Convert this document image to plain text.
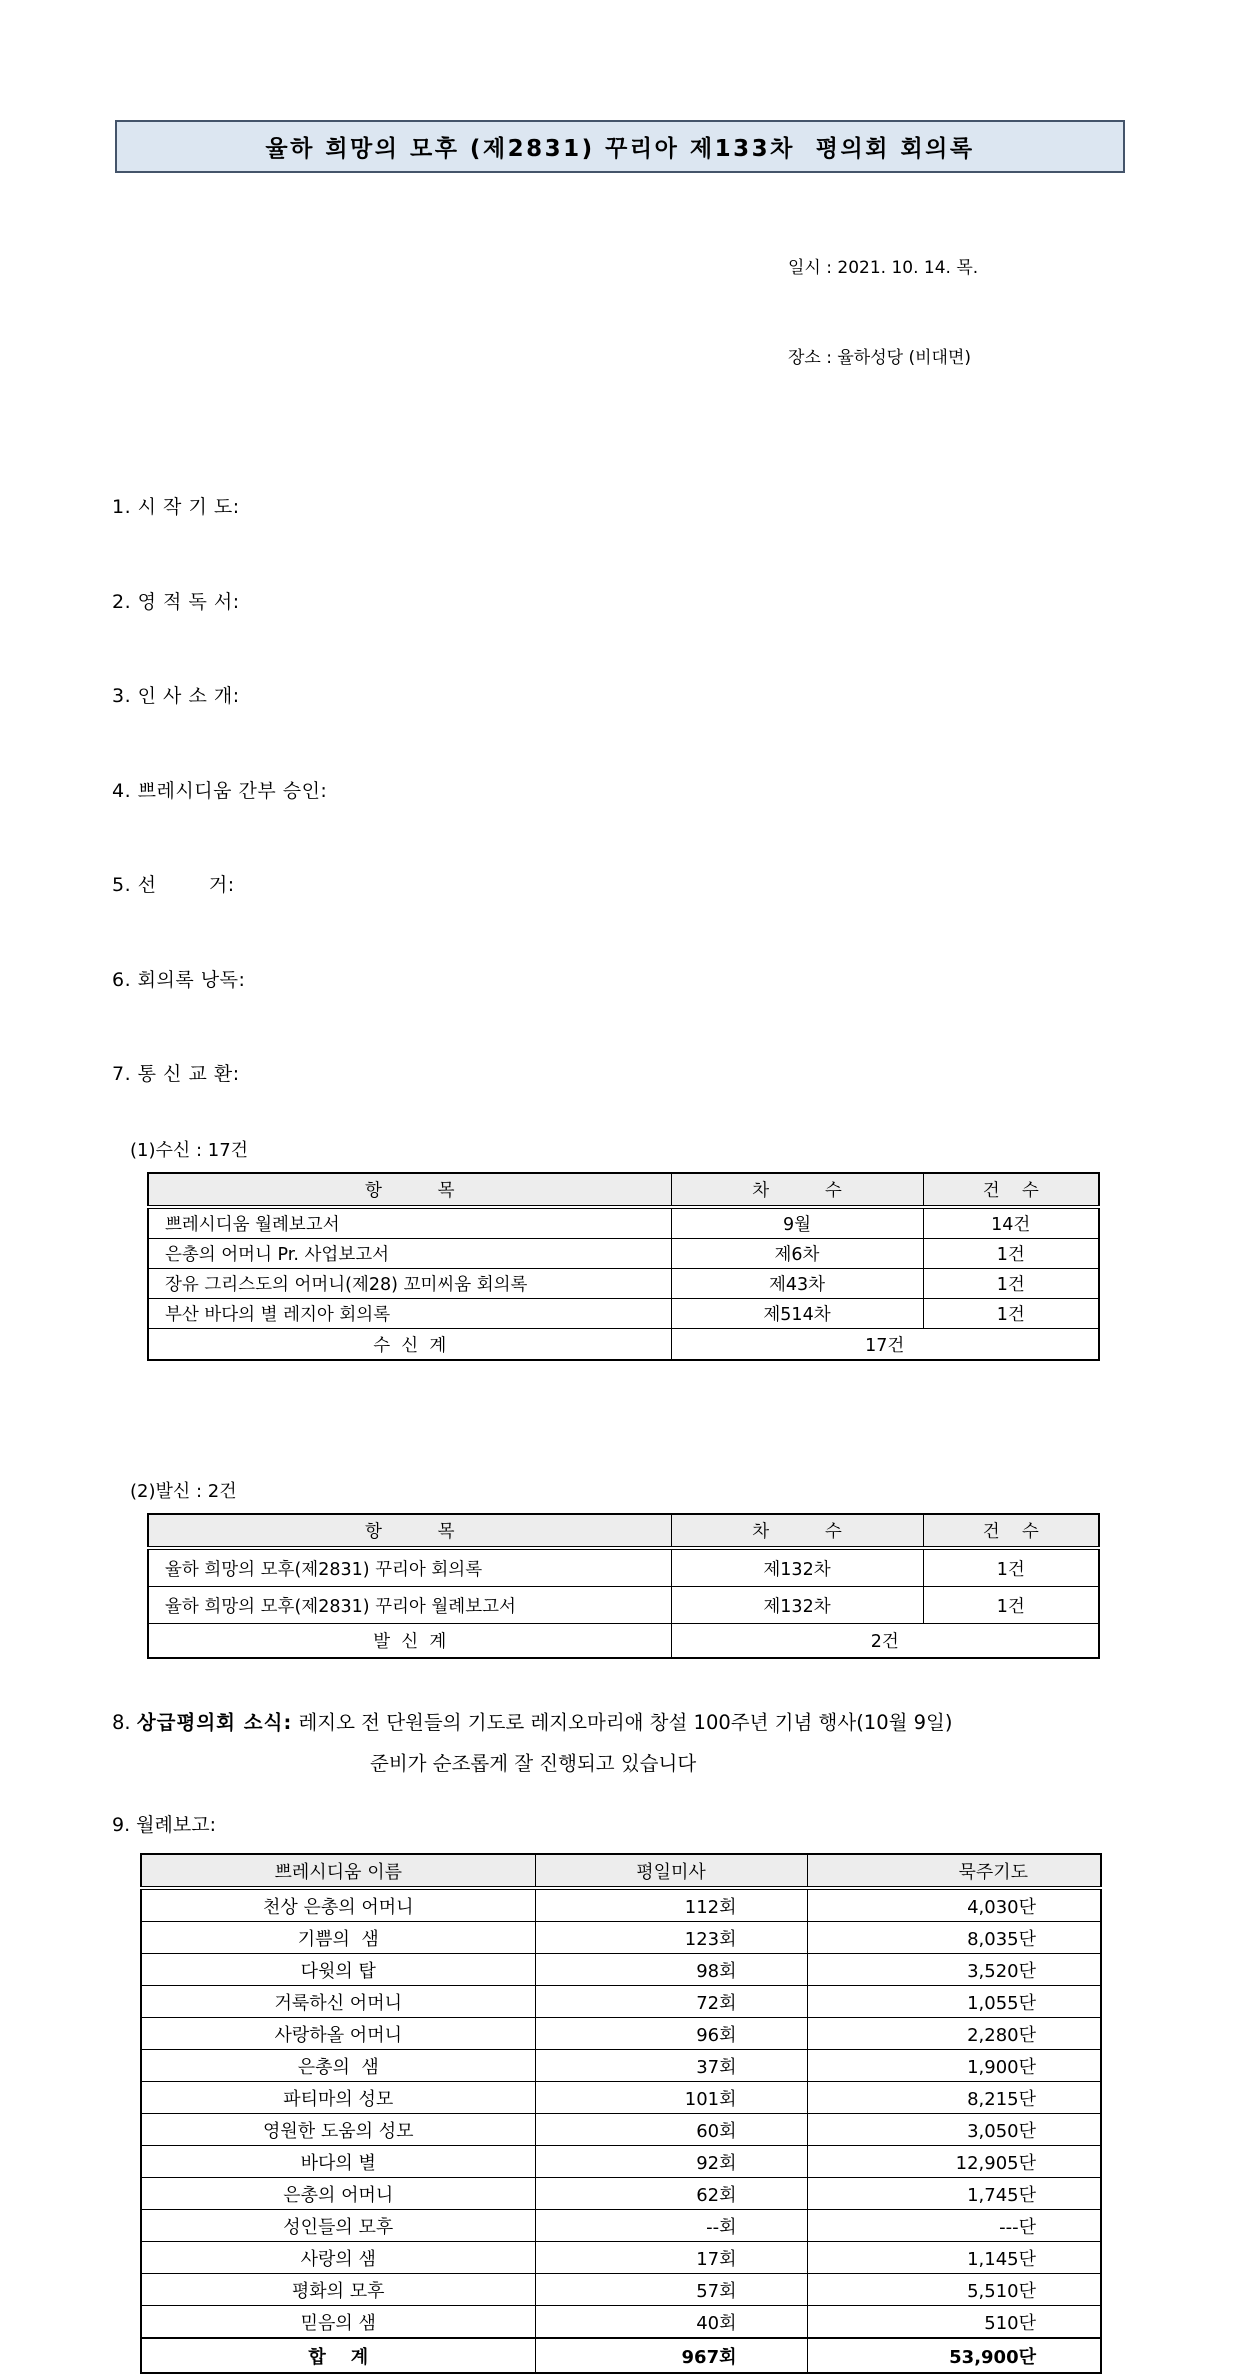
율하 희망의 모후 (제2831) 꾸리아 제133차  평의회 회의록

일시 : 2021. 10. 14. 목.

장소 : 율하성당 (비대면)

1. 시 작 기 도:

2. 영 적 독 서:

3. 인 사 소 개:

4. 쁘레시디움 간부 승인:

5. 선        거:

6. 회의록 낭독:

7. 통 신 교 환:

(1)수신 : 17건
항          목	차          수	건    수
쁘레시디움 월례보고서	9월	14건
은총의 어머니 Pr. 사업보고서	제6차	1건
장유 그리스도의 어머니(제28) 꼬미씨움 회의록	제43차	1건
부산 바다의 별 레지아 회의록	제514차	1건
수  신  계	17건	
(2)발신 : 2건
항          목	차          수	건    수
율하 희망의 모후(제2831) 꾸리아 회의록	제132차	1건
율하 희망의 모후(제2831) 꾸리아 월례보고서	제132차	1건
발  신  계	2건	
8. 상급평의회 소식: 레지오 전 단원들의 기도로 레지오마리애 창설 100주년 기념 행사(10월 9일)
준비가 순조롭게 잘 진행되고 있습니다
9. 월례보고:
쁘레시디움 이름	평일미사	묵주기도
천상 은총의 어머니	112회	4,030단
기쁨의  샘	123회	8,035단
다윗의 탑	98회	3,520단
거룩하신 어머니	72회	1,055단
사랑하올 어머니	96회	2,280단
은총의  샘	37회	1,900단
파티마의 성모	101회	8,215단
영원한 도움의 성모	60회	3,050단
바다의 별	92회	12,905단
은총의 어머니	62회	1,745단
성인들의 모후	--회	---단
사랑의 샘	17회	1,145단
평화의 모후	57회	5,510단
믿음의 샘	40회	510단
합    계	967회	53,900단
